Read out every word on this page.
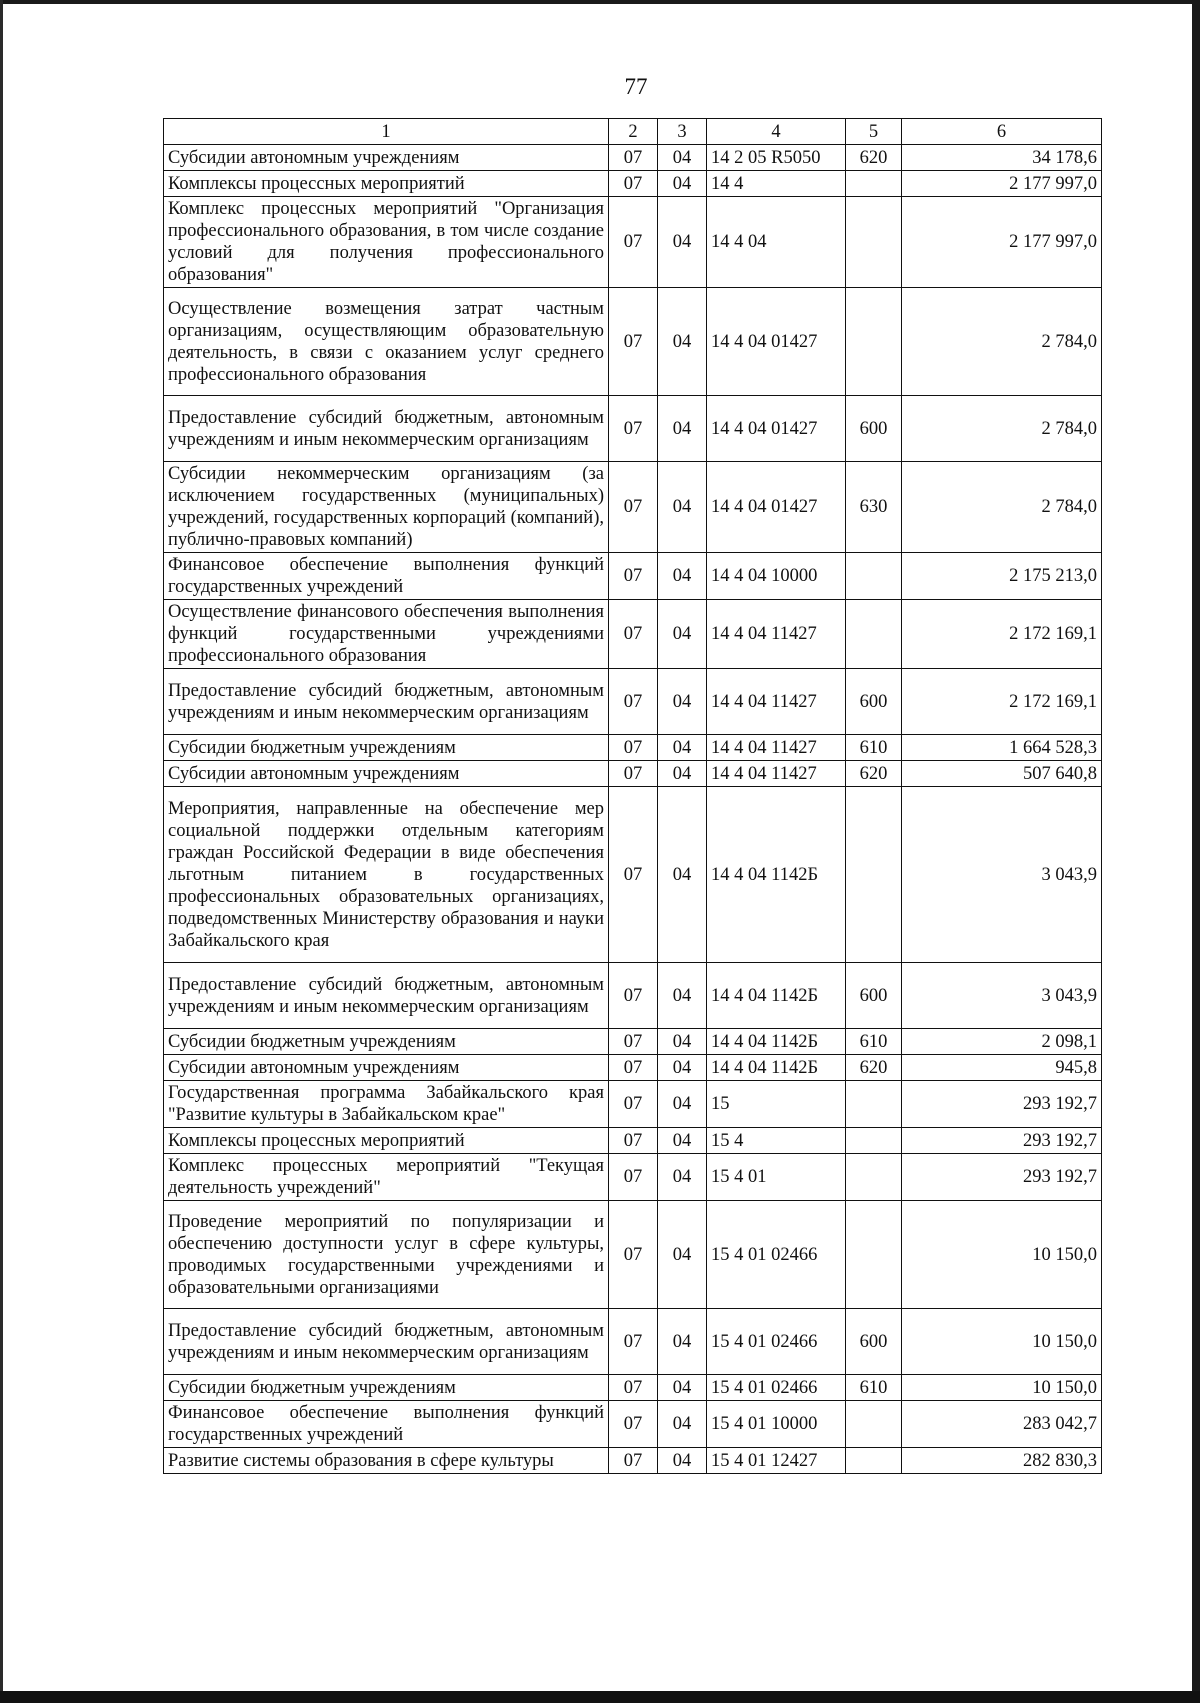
77
1	2	3	4	5	6
Субсидии автономным учреждениям	07	04	14 2 05 R5050	620	34 178,6
Комплексы процессных мероприятий	07	04	14 4		2 177 997,0
Комплекс процессных мероприятий "Организация профессионального образования, в том числе создание условий для получения профессионального образования"	07	04	14 4 04		2 177 997,0
Осуществление возмещения затрат частным организациям, осуществляющим образовательную деятельность, в связи с оказанием услуг среднего профессионального образования	07	04	14 4 04 01427		2 784,0
Предоставление субсидий бюджетным, автономным учреждениям и иным некоммерческим организациям	07	04	14 4 04 01427	600	2 784,0
Субсидии некоммерческим организациям (за исключением государственных (муниципальных) учреждений, государственных корпораций (компаний), публично-правовых компаний)	07	04	14 4 04 01427	630	2 784,0
Финансовое обеспечение выполнения функций государственных учреждений	07	04	14 4 04 10000		2 175 213,0
Осуществление финансового обеспечения выполнения функций государственными учреждениями профессионального образования	07	04	14 4 04 11427		2 172 169,1
Предоставление субсидий бюджетным, автономным учреждениям и иным некоммерческим организациям	07	04	14 4 04 11427	600	2 172 169,1
Субсидии бюджетным учреждениям	07	04	14 4 04 11427	610	1 664 528,3
Субсидии автономным учреждениям	07	04	14 4 04 11427	620	507 640,8
Мероприятия, направленные на обеспечение мер социальной поддержки отдельным категориям граждан Российской Федерации в виде обеспечения льготным питанием в государственных профессиональных образовательных организациях, подведомственных Министерству образования и науки Забайкальского края	07	04	14 4 04 1142Б		3 043,9
Предоставление субсидий бюджетным, автономным учреждениям и иным некоммерческим организациям	07	04	14 4 04 1142Б	600	3 043,9
Субсидии бюджетным учреждениям	07	04	14 4 04 1142Б	610	2 098,1
Субсидии автономным учреждениям	07	04	14 4 04 1142Б	620	945,8
Государственная программа Забайкальского края "Развитие культуры в Забайкальском крае"	07	04	15		293 192,7
Комплексы процессных мероприятий	07	04	15 4		293 192,7
Комплекс процессных мероприятий "Текущая деятельность учреждений"	07	04	15 4 01		293 192,7
Проведение мероприятий по популяризации и обеспечению доступности услуг в сфере культуры, проводимых государственными учреждениями и образовательными организациями	07	04	15 4 01 02466		10 150,0
Предоставление субсидий бюджетным, автономным учреждениям и иным некоммерческим организациям	07	04	15 4 01 02466	600	10 150,0
Субсидии бюджетным учреждениям	07	04	15 4 01 02466	610	10 150,0
Финансовое обеспечение выполнения функций государственных учреждений	07	04	15 4 01 10000		283 042,7
Развитие системы образования в сфере культуры	07	04	15 4 01 12427		282 830,3
